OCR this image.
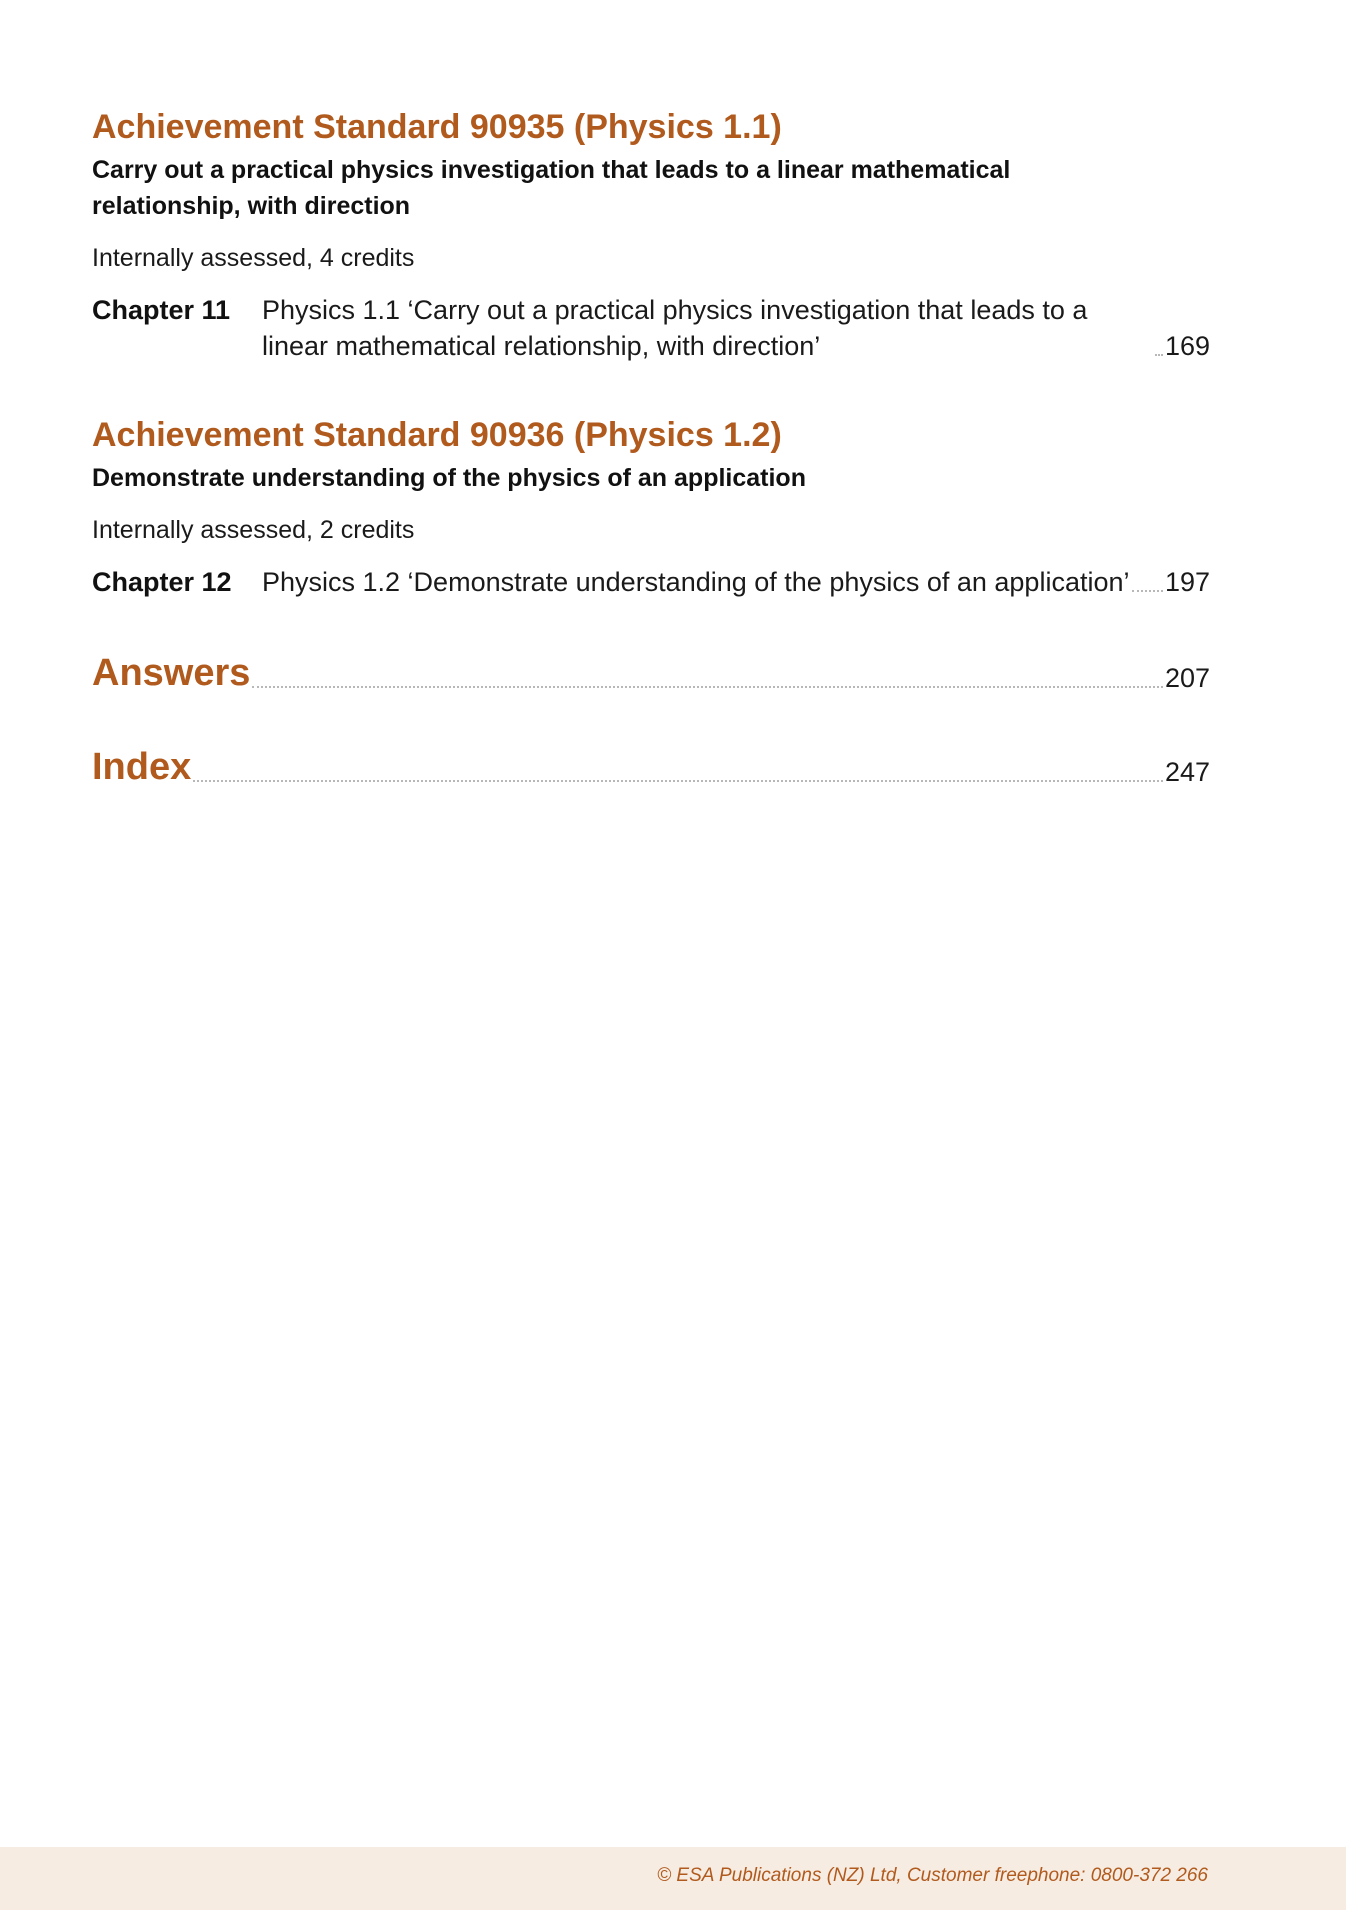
Achievement Standard 90935 (Physics 1.1)
Carry out a practical physics investigation that leads to a linear mathematical relationship, with direction
Internally assessed, 4 credits
Chapter 11	Physics 1.1 ‘Carry out a practical physics investigation that leads to a linear mathematical relationship, with direction’	169
Achievement Standard 90936 (Physics 1.2)
Demonstrate understanding of the physics of an application
Internally assessed, 2 credits
Chapter 12	Physics 1.2 ‘Demonstrate understanding of the physics of an application’ 197
Answers	207
Index	247
© ESA Publications (NZ) Ltd, Customer freephone: 0800-372 266
